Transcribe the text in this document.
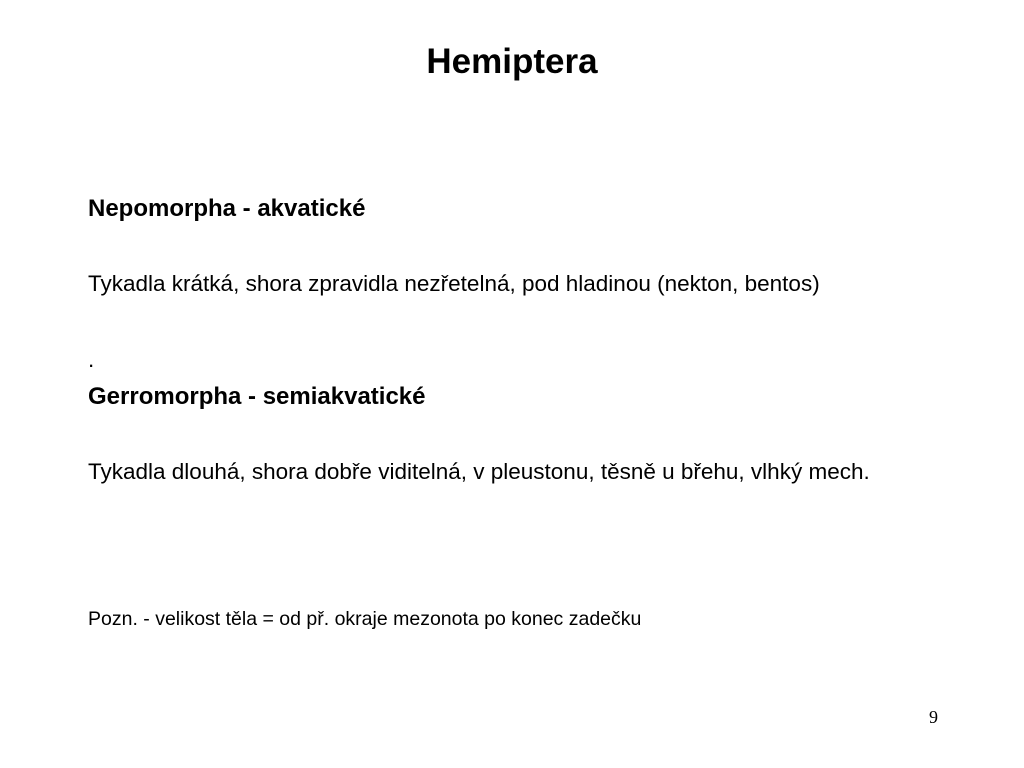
Hemiptera
Nepomorpha - akvatické
Tykadla krátká, shora zpravidla nezřetelná, pod hladinou (nekton, bentos)
.
Gerromorpha - semiakvatické
Tykadla dlouhá, shora dobře viditelná, v pleustonu, těsně u břehu, vlhký mech.
Pozn. - velikost těla = od př. okraje mezonota po konec zadečku
9
